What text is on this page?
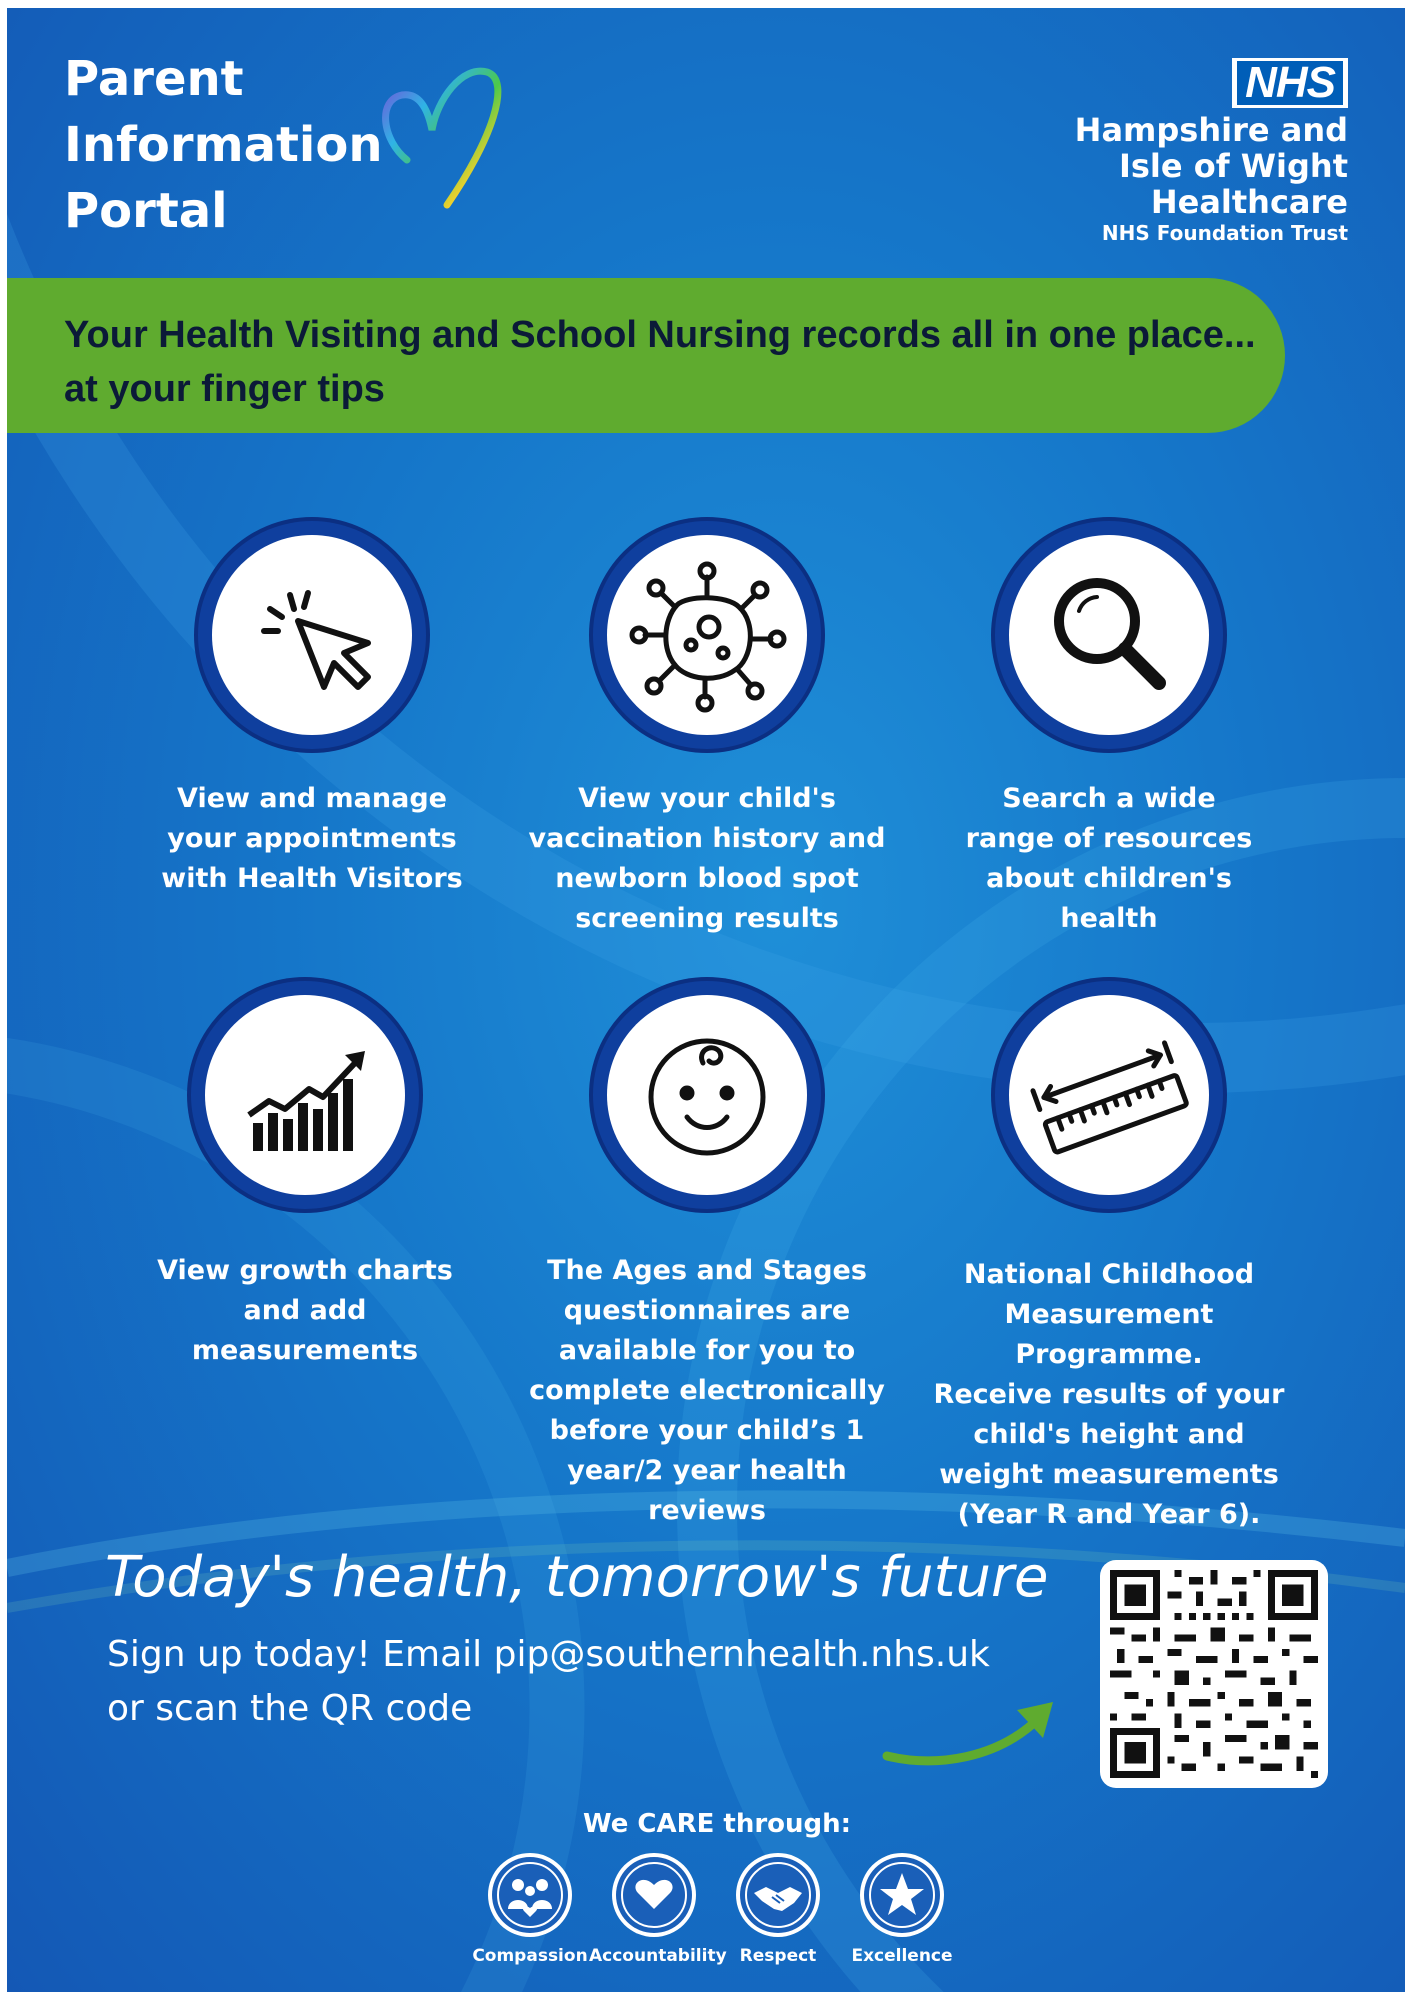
Parent
Information
Portal
NHS
Hampshire and
Isle of Wight Healthcare
NHS Foundation Trust
Your Health Visiting and School Nursing records all in one place...
at your finger tips
View and manage
your appointments
with Health Visitors
View your child's
vaccination history and
newborn blood spot
screening results
Search a wide
range of resources
about children's
health
View growth charts
and add
measurements
The Ages and Stages
questionnaires are
available for you to
complete electronically
before your child’s 1
year/2 year health
reviews
National Childhood
Measurement
Programme.
Receive results of your
child's height and
weight measurements
(Year R and Year 6).
Today's health, tomorrow's future
Sign up today! Email pip@southernhealth.nhs.uk
or scan the QR code
We CARE through:
Compassion Accountability Respect	Excellence
